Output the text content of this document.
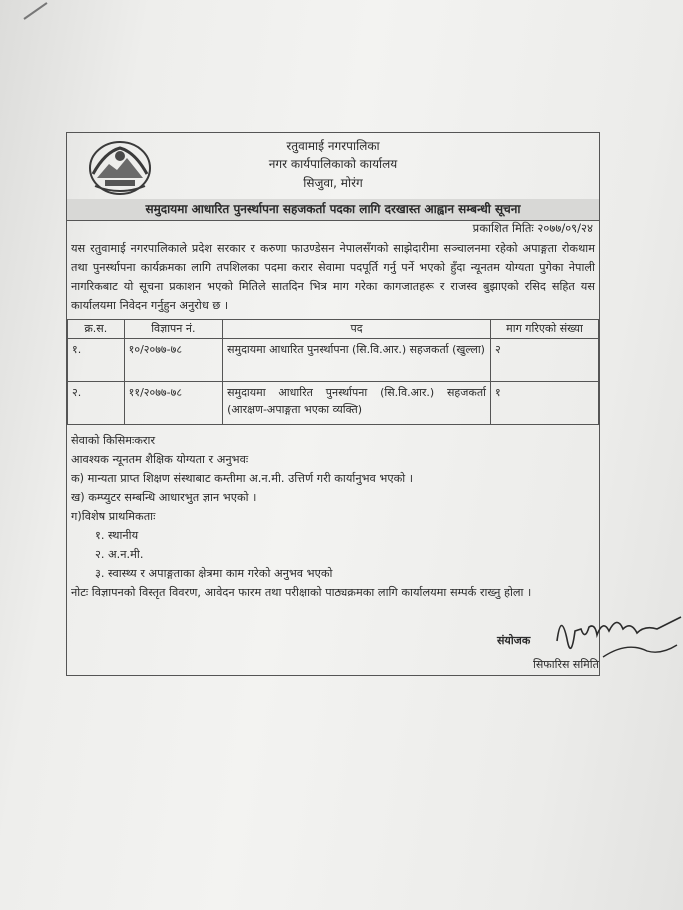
रतुवामाई नगरपालिका
नगर कार्यपालिकाको कार्यालय
सिजुवा, मोरंग
समुदायमा आधारित पुनर्स्थापना सहजकर्ता पदका लागि दरखास्त आह्वान सम्बन्धी सूचना
प्रकाशित मितिः २०७७/०९/२४
यस रतुवामाई नगरपालिकाले प्रदेश सरकार र करुणा फाउण्डेसन नेपालसँगको साझेदारीमा सञ्चालनमा रहेको अपाङ्गता रोकथाम तथा पुनर्स्थापना कार्यक्रमका लागि तपशिलका पदमा करार सेवामा पदपूर्ति गर्नु पर्ने भएको हुँदा न्यूनतम योग्यता पुगेका नेपाली नागरिकबाट यो सूचना प्रकाशन भएको मितिले सातदिन भित्र माग गरेका कागजातहरू र राजस्व बुझाएको रसिद सहित यस कार्यालयमा निवेदन गर्नुहुन अनुरोध छ ।
क्र.स.	विज्ञापन नं.	पद	माग गरिएको संख्या
१.	१०/२०७७-७८	समुदायमा आधारित पुनर्स्थापना (सि.वि.आर.) सहजकर्ता (खुल्ला)	२
२.	११/२०७७-७८	समुदायमा आधारित पुनर्स्थापना (सि.वि.आर.) सहजकर्ता (आरक्षण-अपाङ्गता भएका व्यक्ति)	१
सेवाको किसिमःकरार
आवश्यक न्यूनतम शैक्षिक योग्यता र अनुभवः
क) मान्यता प्राप्त शिक्षण संस्थाबाट कम्तीमा अ.न.मी. उत्तिर्ण गरी कार्यानुभव भएको ।
ख) कम्प्युटर सम्बन्धि आधारभुत ज्ञान भएको ।
ग)विशेष प्राथमिकताः
१. स्थानीय
२. अ.न.मी.
३. स्वास्थ्य र अपाङ्गताका क्षेत्रमा काम गरेको अनुभव भएको
नोटः विज्ञापनको विस्तृत विवरण, आवेदन फारम तथा परीक्षाको पाठ्यक्रमका लागि कार्यालयमा सम्पर्क राख्नु होला ।
संयोजक
सिफारिस समिति
